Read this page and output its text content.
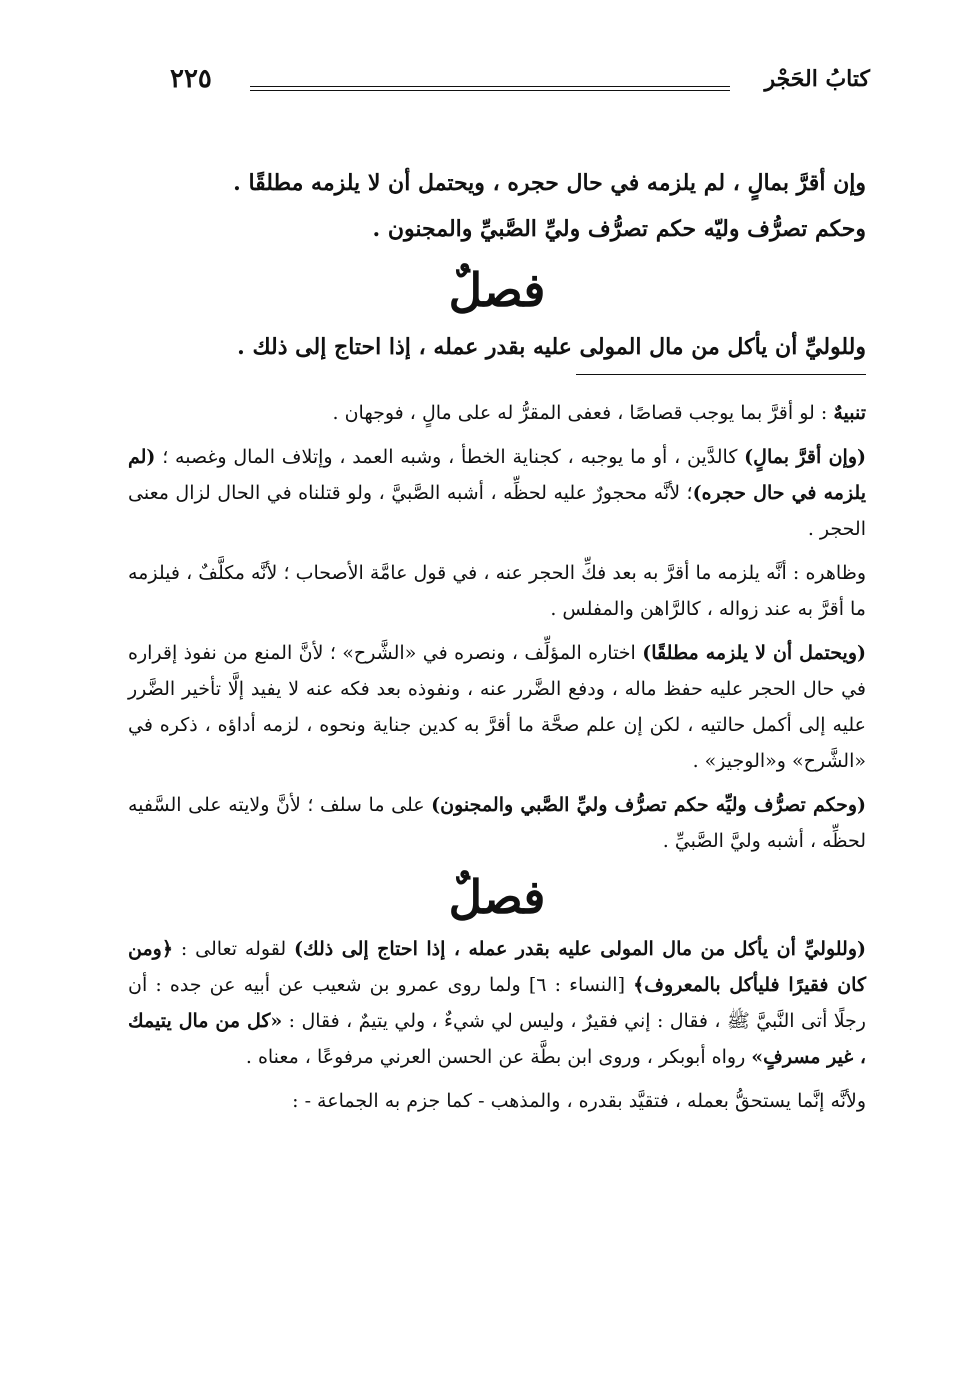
٢٢٥	كتابُ الحَجْر

وإن أقرَّ بمالٍ ، لم يلزمه في حال حجره ، ويحتمل أن لا يلزمه مطلقًا .

وحكم تصرُّف وليّه حكم تصرُّف وليِّ الصَّبيِّ والمجنون .

فصلٌ

وللوليِّ أن يأكل من مال المولى عليه بقدر عمله ، إذا احتاج إلى ذلك .

تنبيهٌ : لو أقرَّ بما يوجب قصاصًا ، فعفى المقرُّ له على مالٍ ، فوجهان .

(وإن أقرَّ بمالٍ) كالدَّين ، أو ما يوجبه ، كجناية الخطأ ، وشبه العمد ، وإتلاف المال وغصبه ؛ (لم يلزمه في حال حجره)؛ لأنَّه محجورٌ عليه لحظِّه ، أشبه الصَّبيَّ ، ولو قتلناه في الحال لزال معنى الحجر .

وظاهره : أنَّه يلزمه ما أقرَّ به بعد فكِّ الحجر عنه ، في قول عامَّة الأصحاب ؛ لأنَّه مكلَّفٌ ، فيلزمه ما أقرَّ به عند زواله ، كالرَّاهن والمفلس .

(ويحتمل أن لا يلزمه مطلقًا) اختاره المؤلِّف ، ونصره في «الشَّرح» ؛ لأنَّ المنع من نفوذ إقراره في حال الحجر عليه حفظ ماله ، ودفع الضَّرر عنه ، ونفوذه بعد فكه عنه لا يفيد إلَّا تأخير الضَّرر عليه إلى أكمل حالتيه ، لكن إن علم صحَّة ما أقرَّ به كدين جناية ونحوه ، لزمه أداؤه ، ذكره في «الشَّرح» و«الوجيز» .

(وحكم تصرُّف وليِّه حكم تصرُّف وليِّ الصَّبي والمجنون) على ما سلف ؛ لأنَّ ولايته على السَّفيه لحظِّه ، أشبه وليَّ الصَّبيِّ .

فصلٌ

(وللوليِّ أن يأكل من مال المولى عليه بقدر عمله ، إذا احتاج إلى ذلك) لقوله تعالى : ﴿ومن كان فقيرًا فليأكل بالمعروف﴾ [النساء : ٦] ولما روى عمرو بن شعيب عن أبيه عن جده : أن رجلًا أتى النَّبيَّ ﷺ ، فقال : إني فقيرٌ ، وليس لي شيءٌ ، ولي يتيمٌ ، فقال : «كل من مال يتيمك ، غير مسرفٍ» رواه أبوبكر ، وروى ابن بطَّة عن الحسن العرني مرفوعًا ، معناه .

ولأنَّه إنَّما يستحقُّ بعمله ، فتقيَّد بقدره ، والمذهب - كما جزم به الجماعة - :
